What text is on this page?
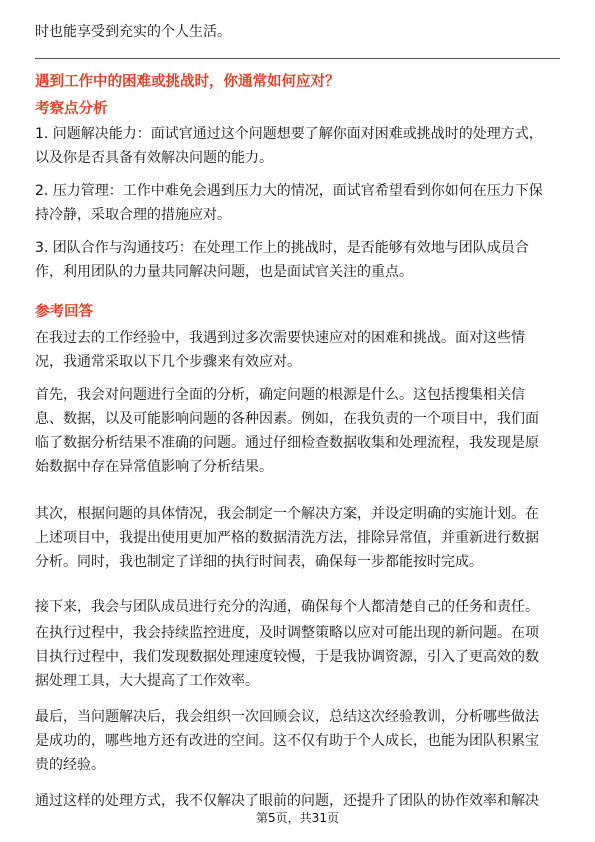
时也能享受到充实的个人生活。
遇到工作中的困难或挑战时，你通常如何应对？
考察点分析
1. 问题解决能力：面试官通过这个问题想要了解你面对困难或挑战时的处理方式，
以及你是否具备有效解决问题的能力。
2. 压力管理：工作中难免会遇到压力大的情况，面试官希望看到你如何在压力下保
持冷静，采取合理的措施应对。
3. 团队合作与沟通技巧：在处理工作上的挑战时，是否能够有效地与团队成员合
作，利用团队的力量共同解决问题，也是面试官关注的重点。
参考回答
在我过去的工作经验中，我遇到过多次需要快速应对的困难和挑战。面对这些情
况，我通常采取以下几个步骤来有效应对。
首先，我会对问题进行全面的分析，确定问题的根源是什么。这包括搜集相关信
息、数据，以及可能影响问题的各种因素。例如，在我负责的一个项目中，我们面
临了数据分析结果不准确的问题。通过仔细检查数据收集和处理流程，我发现是原
始数据中存在异常值影响了分析结果。
其次，根据问题的具体情况，我会制定一个解决方案，并设定明确的实施计划。在
上述项目中，我提出使用更加严格的数据清洗方法，排除异常值，并重新进行数据
分析。同时，我也制定了详细的执行时间表，确保每一步都能按时完成。
接下来，我会与团队成员进行充分的沟通，确保每个人都清楚自己的任务和责任。
在执行过程中，我会持续监控进度，及时调整策略以应对可能出现的新问题。在项
目执行过程中，我们发现数据处理速度较慢，于是我协调资源，引入了更高效的数
据处理工具，大大提高了工作效率。
最后，当问题解决后，我会组织一次回顾会议，总结这次经验教训，分析哪些做法
是成功的，哪些地方还有改进的空间。这不仅有助于个人成长，也能为团队积累宝
贵的经验。
通过这样的处理方式，我不仅解决了眼前的问题，还提升了团队的协作效率和解决
第5页，共31页
